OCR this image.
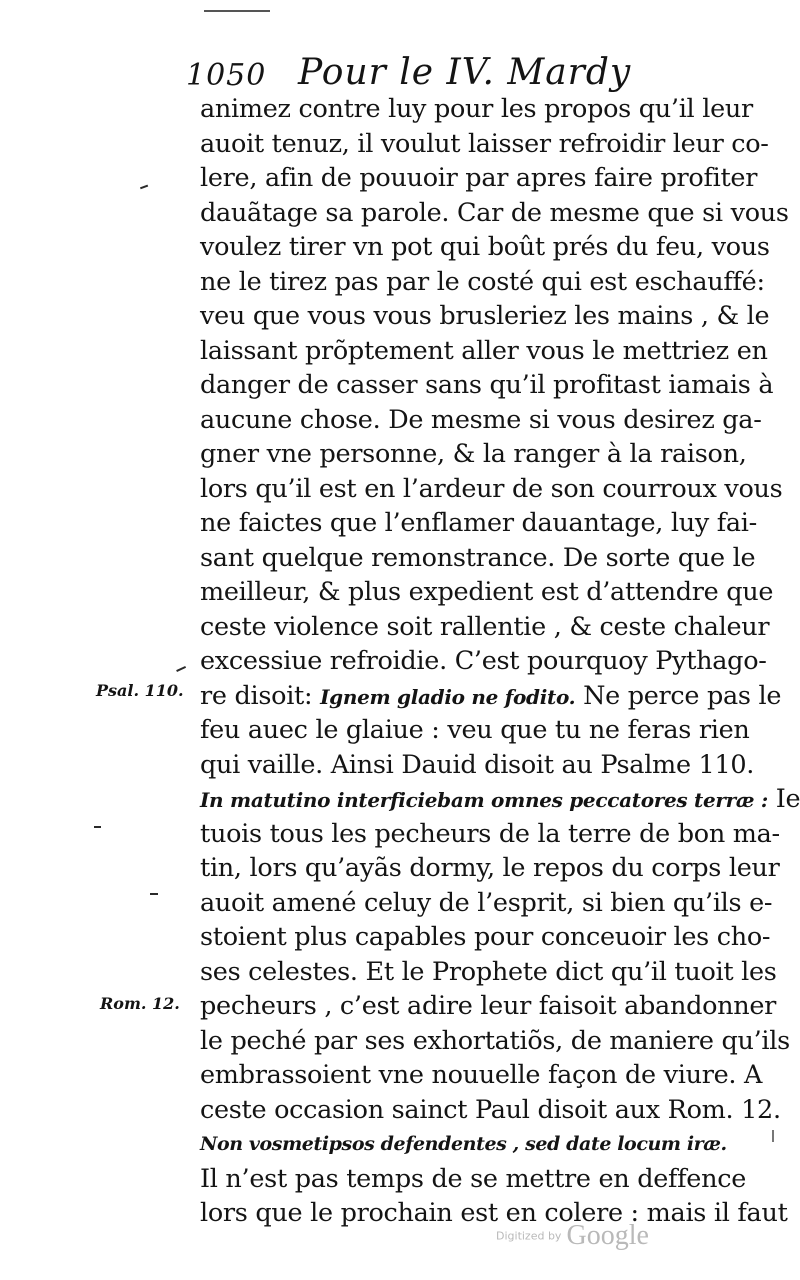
1050 Pour le IV. Mardy
animez contre luy pour les propos qu’il leur
auoit tenuz, il voulut laisser refroidir leur co-
lere, afin de pouuoir par apres faire profiter
dauãtage sa parole. Car de mesme que si vous
voulez tirer vn pot qui boût prés du feu, vous
ne le tirez pas par le costé qui est eschauffé:
veu que vous vous brusleriez les mains , & le
laissant prõptement aller vous le mettriez en
danger de casser sans qu’il profitast iamais à
aucune chose. De mesme si vous desirez ga-
gner vne personne, & la ranger à la raison,
lors qu’il est en l’ardeur de son courroux vous
ne faictes que l’enflamer dauantage, luy fai-
sant quelque remonstrance. De sorte que le
meilleur, & plus expedient est d’attendre que
ceste violence soit rallentie , & ceste chaleur
excessiue refroidie. C’est pourquoy Pythago-
re disoit: Ignem gladio ne fodito. Ne perce pas le
feu auec le glaiue : veu que tu ne feras rien
qui vaille. Ainsi Dauid disoit au Psalme 110.
In matutino interficiebam omnes peccatores terræ : Ie
tuois tous les pecheurs de la terre de bon ma-
tin, lors qu’ayãs dormy, le repos du corps leur
auoit amené celuy de l’esprit, si bien qu’ils e-
stoient plus capables pour conceuoir les cho-
ses celestes. Et le Prophete dict qu’il tuoit les
pecheurs , c’est adire leur faisoit abandonner
le peché par ses exhortatiõs, de maniere qu’ils
embrassoient vne nouuelle façon de viure. A
ceste occasion sainct Paul disoit aux Rom. 12.
Non vosmetipsos defendentes , sed date locum iræ.
Il n’est pas temps de se mettre en deffence
lors que le prochain est en colere : mais il faut
Psal. 110.
Rom. 12.
Digitized by Google
